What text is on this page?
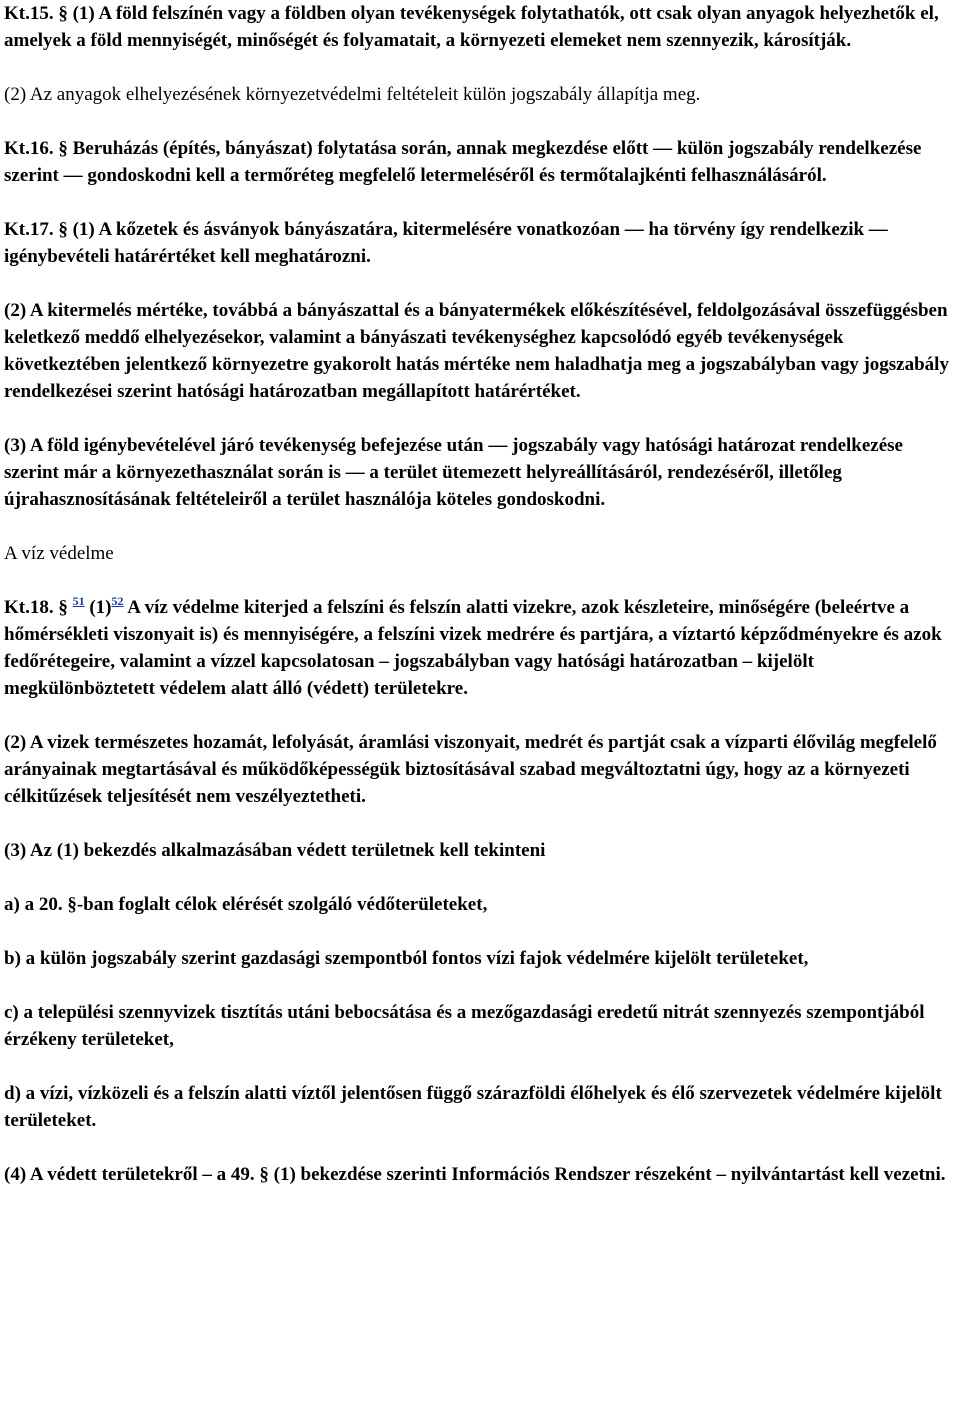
Kt.15. § (1) A föld felszínén vagy a földben olyan tevékenységek folytathatók, ott csak olyan anyagok helyezhetők el, amelyek a föld mennyiségét, minőségét és folyamatait, a környezeti elemeket nem szennyezik, károsítják.

(2) Az anyagok elhelyezésének környezetvédelmi feltételeit külön jogszabály állapítja meg.

Kt.16. § Beruházás (építés, bányászat) folytatása során, annak megkezdése előtt — külön jogszabály rendelkezése szerint — gondoskodni kell a termőréteg megfelelő letermeléséről és termőtalajkénti felhasználásáról.

Kt.17. § (1) A kőzetek és ásványok bányászatára, kitermelésére vonatkozóan — ha törvény így rendelkezik — igénybevételi határértéket kell meghatározni.

(2) A kitermelés mértéke, továbbá a bányászattal és a bányatermékek előkészítésével, feldolgozásával összefüggésben keletkező meddő elhelyezésekor, valamint a bányászati tevékenységhez kapcsolódó egyéb tevékenységek következtében jelentkező környezetre gyakorolt hatás mértéke nem haladhatja meg a jogszabályban vagy jogszabály rendelkezései szerint hatósági határozatban megállapított határértéket.

(3) A föld igénybevételével járó tevékenység befejezése után — jogszabály vagy hatósági határozat rendelkezése szerint már a környezethasználat során is — a terület ütemezett helyreállításáról, rendezéséről, illetőleg újrahasznosításának feltételeiről a terület használója köteles gondoskodni.

A víz védelme

Kt.18. § $^{51}$ (1)$^{52}$ A víz védelme kiterjed a felszíni és felszín alatti vizekre, azok készleteire, minőségére (beleértve a hőmérsékleti viszonyait is) és mennyiségére, a felszíni vizek medrére és partjára, a víztartó képződményekre és azok fedőrétegeire, valamint a vízzel kapcsolatosan – jogszabályban vagy hatósági határozatban – kijelölt megkülönböztetett védelem alatt álló (védett) területekre.

(2) A vizek természetes hozamát, lefolyását, áramlási viszonyait, medrét és partját csak a vízparti élővilág megfelelő arányainak megtartásával és működőképességük biztosításával szabad megváltoztatni úgy, hogy az a környezeti célkitűzések teljesítését nem veszélyeztetheti.

(3) Az (1) bekezdés alkalmazásában védett területnek kell tekinteni

a) a 20. §-ban foglalt célok elérését szolgáló védőterületeket,

b) a külön jogszabály szerint gazdasági szempontból fontos vízi fajok védelmére kijelölt területeket,

c) a települési szennyvizek tisztítás utáni bebocsátása és a mezőgazdasági eredetű nitrát szennyezés szempontjából érzékeny területeket,

d) a vízi, vízközeli és a felszín alatti víztől jelentősen függő szárazföldi élőhelyek és élő szervezetek védelmére kijelölt területeket.

(4) A védett területekről – a 49. § (1) bekezdése szerinti Információs Rendszer részeként – nyilvántartást kell vezetni.
